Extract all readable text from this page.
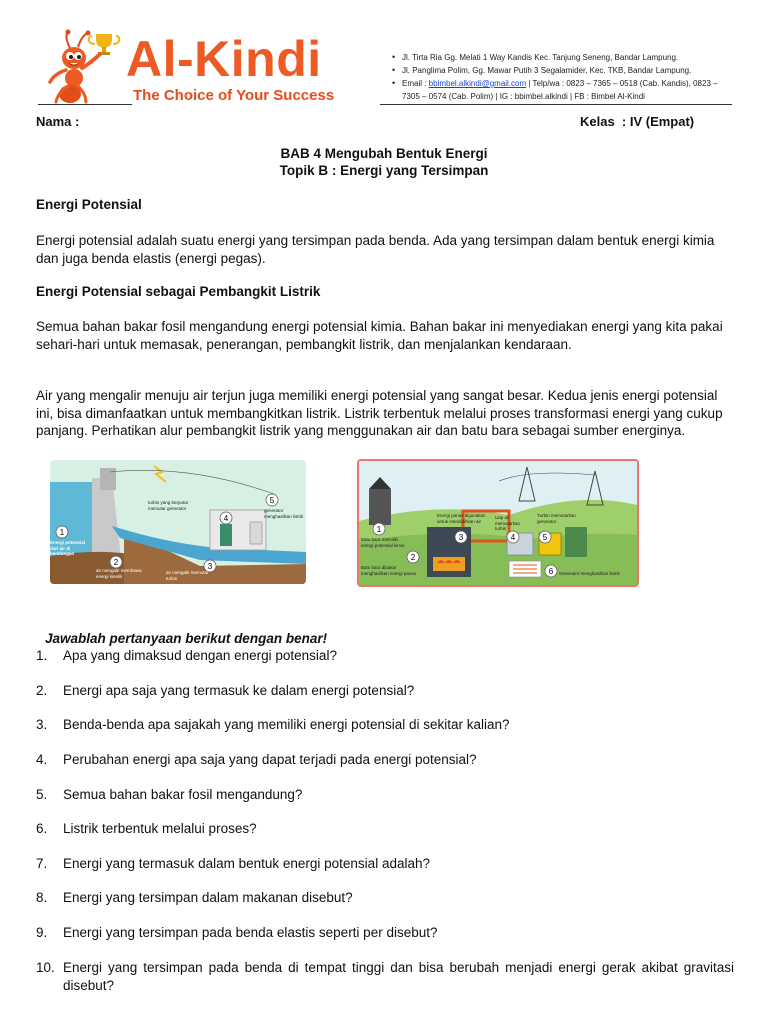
Al-Kindi
The Choice of Your Success
• Jl. Tirta Ria Gg. Melati 1 Way Kandis Kec. Tanjung Seneng, Bandar Lampung.
• Jl. Panglima Polim, Gg. Mawar Putih 3 Segalamider, Kec. TKB, Bandar Lampung.
• Email : bbimbel.alkindi@gmail.com | Telp/wa : 0823 – 7365 – 0518 (Cab. Kandis), 0823 – 7305 – 0574 (Cab. Polim) | IG : bbimbel.alkindi | FB : Bimbel Al-Kindi
Nama :	Kelas  : IV (Empat)
BAB 4 Mengubah Bentuk Energi
Topik B : Energi yang Tersimpan
Energi Potensial

Energi potensial adalah suatu energi yang tersimpan pada benda. Ada yang tersimpan dalam bentuk energi kimia dan juga benda elastis (energi pegas).

Energi Potensial sebagai Pembangkit Listrik

Semua bahan bakar fosil mengandung energi potensial kimia. Bahan bakar ini menyediakan energi yang kita pakai sehari-hari untuk memasak, penerangan, pembangkit listrik, dan menjalankan kendaraan.

Air yang mengalir menuju air terjun juga memiliki energi potensial yang sangat besar. Kedua jenis energi potensial ini, bisa dimanfaatkan untuk membangkitkan listrik. Listrik terbentuk melalui proses transformasi energi yang cukup panjang. Perhatikan alur pembangkit listrik yang menggunakan air dan batu bara sebagai sumber energinya.

1
2	3
4
5
Energi potensial dari air di bendungan
air mengalir membawa energi kinetik
air mengalir memutar turbin
turbin yang berputar memutar generator	generator menghasilkan listrik
1
2
3	4	5
6
Batu bara memiliki energi potensial kimia
Batu bara dibakar menghasilkan energi panas
Energi panas digunakan untuk mendidihkan air
Uap air memutarkan turbin
Turbin memutarkan generator
Generator menghasilkan listrik
Jawablah pertanyaan berikut dengan benar!
1.	Apa yang dimaksud dengan energi potensial?
2.	Energi apa saja yang termasuk ke dalam energi potensial?
3.	Benda-benda apa sajakah yang memiliki energi potensial di sekitar kalian?
4.	Perubahan energi apa saja yang dapat terjadi pada energi potensial?
5.	Semua bahan bakar fosil mengandung?
6.	Listrik terbentuk melalui proses?
7.	Energi yang termasuk dalam bentuk energi potensial adalah?
8.	Energi yang tersimpan dalam makanan disebut?
9.	Energi yang tersimpan pada benda elastis seperti per disebut?
10. Energi yang tersimpan pada benda di tempat tinggi dan bisa berubah menjadi energi gerak akibat gravitasi disebut?
